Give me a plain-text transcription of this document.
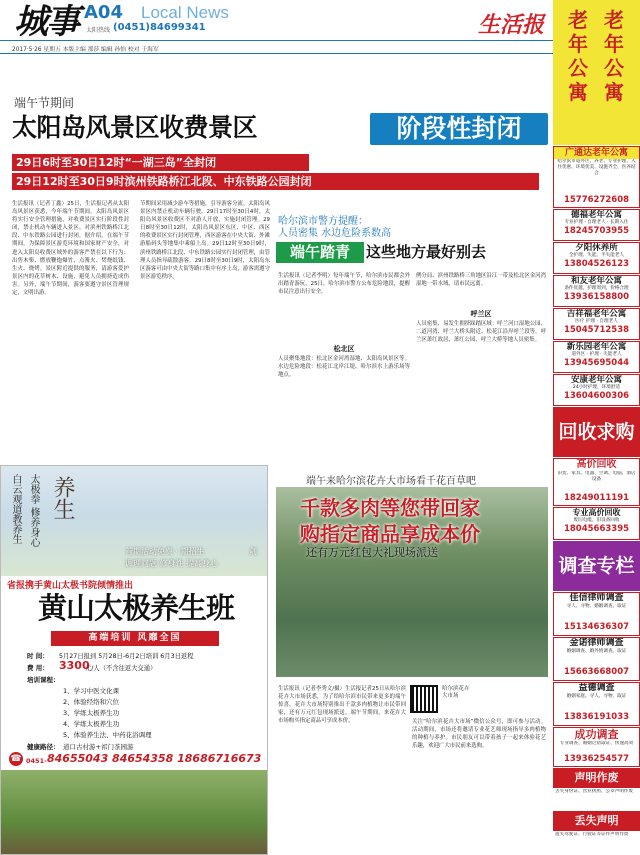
城事 A04 Local News
太阳热线 (0451)84699341	生活报
2017·5·26 星期五 本版主编 那莎 编辑 孙怡 校对 于海军
端午节期间
太阳岛风景区收费景区	阶段性封闭
29日6时至30日12时“一湖三岛”全封闭
29日12时至30日9时滨州铁路桥江北段、中东铁路公园封闭
生活报讯（记者丁鑫）25日，生活报记者从太阳岛风景区获悉，今年端午节期间，太阳岛风景区将实行安全管理措施，对收费景区实行阶段性封闭，禁止机动车辆进入景区。对滨州铁路桥江北段、中东铁路公园进行封闭。据介绍，在端午节期间，为保障景区游览环境和国家财产安全，对进入太阳岛收费区域外的游客严禁在以下行为：出售木柴、燃放鞭炮爆竹、点篝火、焚烧纸钱、生火、烧烤。景区附近提供的服务，请游客爱护景区内的花草树木、设施，避免人员拥挤造成伤害。另外，端午节期间，游客要遵守景区管理规定，文明出游。
节期间采用减少游车等措施，引导游客分流。太阳岛风景区内禁止机动车辆行驶。29日17时至30日4时，太阳岛风景区收费区不对游人开放，实施封闭管理。29日8时至30日12时，太阳岛风景区东区、中区、西区的收费景区实行封闭管理，西区游客在中央大街、外滩游船码头等地集中乘船上岛。29日12时至30日9时，滨州铁路桥江北段、中东铁路公园实行封闭管理，由管理人员指导疏散游客。29日8时至30日9时，太阳岛东区游客可由中央大街等路口集中有序上岛，游客需遵守景区游览秩序。
哈尔滨市警方提醒：
人员密集 水边危险系数高
端午踏青	这些地方最好别去
生活报讯（记者李明）每年端午节，哈尔滨市民都会外出踏青游玩。25日，哈尔滨市警方公布危险地段，提醒市民注意出行安全。
松北区
人员聚集地段：松北区金河湾湿地、太阳岛风景区等。水边危险地段：松花江北岸江堤、哈尔滨水上游乐场等地点。
例分局、滨州铁路桥三角地区沿江一带及松北区金河湾湿地一带水域，请市民远离。
呼兰区
人员密集、易发生拥挤踩踏区域：呼兰河口湿地公园、二道河湾、呼兰大桥头附近、松花江沿岸呼兰段等。呼兰区萧红故居、萧红公园、呼兰大桥等地人员密集。
白云观道教养生 太极拳 修养身心 养生
首期活动免费 · 期招生	剑
调理问题 修身性 提高身心
省报携手黄山太极书院倾情推出
黄山太极养生班
高端培训 风靡全国
时 间： 5月27日报到 5月28日-6月2日培训 6月3日返程
费 用： 3300
元/人（不含往返大交通）
培训课程：
1、学习中医文化课
2、体验经络和穴位
3、学练太极养生功
4、学练太极养生功
5、体验养生法、中药花浴调理
健康路径： 道口古村游+祁门茶园游
☎ 0451- 84655043 84654358 18686716673
端午来哈尔滨花卉大市场看千花百草吧
千款多肉等您带回家
购指定商品享成本价
还有万元红包大礼现场派送
生活报讯（记者李秀文/摄）生活报记者25日从哈尔滨花卉大市场获悉，为了给哈尔滨市民带来更多的端午惊喜，花卉大市场特别推出千款多肉植物让市民带回家，还有万元红包现场派送。端午节期间，来花卉大市场购买指定商品可享成本价。
哈尔滨花卉大市场
关注“哈尔滨花卉大市场”微信公众号，即可参与活动。活动期间，市场还将邀请专业花艺师现场指导多肉植物的种植与养护。市民朋友可以带着孩子一起来体验花艺乐趣，欢迎广大市民前来选购。
老年公寓
老年公寓
广通达老年公寓
哈尔滨市道外区、养老、专业护理、入住优惠、环境优美、设施齐全、医养结合
15776272608
德福老年公寓
专业护理 · 自理老人 · 长期入住
18245703955
夕阳休养所
全护理、失能、半失能老人
13804526123
和友老年公寓
条件优越，护理周到，价格合理
13936158800
吉祥福老年公寓
医疗 护理 · 自理老人
15045712538
新乐园老年公寓
道外区 · 护理 · 失能老人
13945695044
安康老年公寓
24小时护理，环境舒适
13604600306
回收求购
高价回收
旧货、家具、电器、空调、电脑、酒店设备
18249011191
专业高价回收
废旧电缆、旧设备回收
18045663395
调查专栏
佳信律师调查
寻人、寻物、婚姻调查、取证
15134636307
金诺律师调查
婚姻调查、婚外情调查、取证
15663668007
益德调查
婚姻家庭、寻人、寻物、取证
13836191033
成功调查
专业调查、婚姻过错取证、快速高效
13936254577
声明作废
丢失身份证、营业执照、公章声明作废
丢失声明
遗失驾驶证、行驶证等证件声明作废
